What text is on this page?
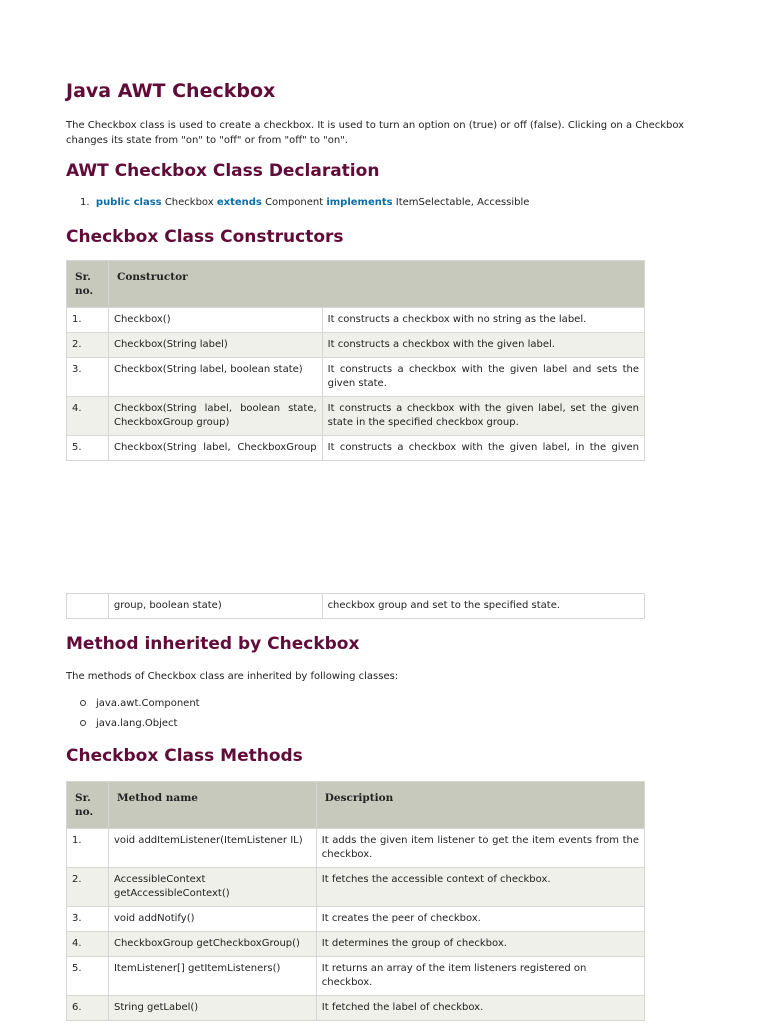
Java AWT Checkbox

The Checkbox class is used to create a checkbox. It is used to turn an option on (true) or off (false). Clicking on a Checkbox changes its state from "on" to "off" or from "off" to "on".

AWT Checkbox Class Declaration
1. public class Checkbox extends Component implements ItemSelectable, Accessible
Checkbox Class Constructors
Sr. no.	Constructor	
1.	Checkbox()	It constructs a checkbox with no string as the label.
2.	Checkbox(String label)	It constructs a checkbox with the given label.
3.	Checkbox(String label, boolean state)	It constructs a checkbox with the given label and sets the given state.
4.	Checkbox(String label, boolean state, CheckboxGroup group)	It constructs a checkbox with the given label, set the given state in the specified checkbox group.
5.	Checkbox(String label, CheckboxGroup	It constructs a checkbox with the given label, in the given
	group, boolean state)	checkbox group and set to the specified state.
Method inherited by Checkbox

The methods of Checkbox class are inherited by following classes:

java.awt.Component
java.lang.Object
Checkbox Class Methods
Sr. no.	Method name	Description
1.	void addItemListener(ItemListener IL)	It adds the given item listener to get the item events from the checkbox.
2.	AccessibleContext getAccessibleContext()	It fetches the accessible context of checkbox.
3.	void addNotify()	It creates the peer of checkbox.
4.	CheckboxGroup getCheckboxGroup()	It determines the group of checkbox.
5.	ItemListener[] getItemListeners()	It returns an array of the item listeners registered on checkbox.
6.	String getLabel()	It fetched the label of checkbox.
